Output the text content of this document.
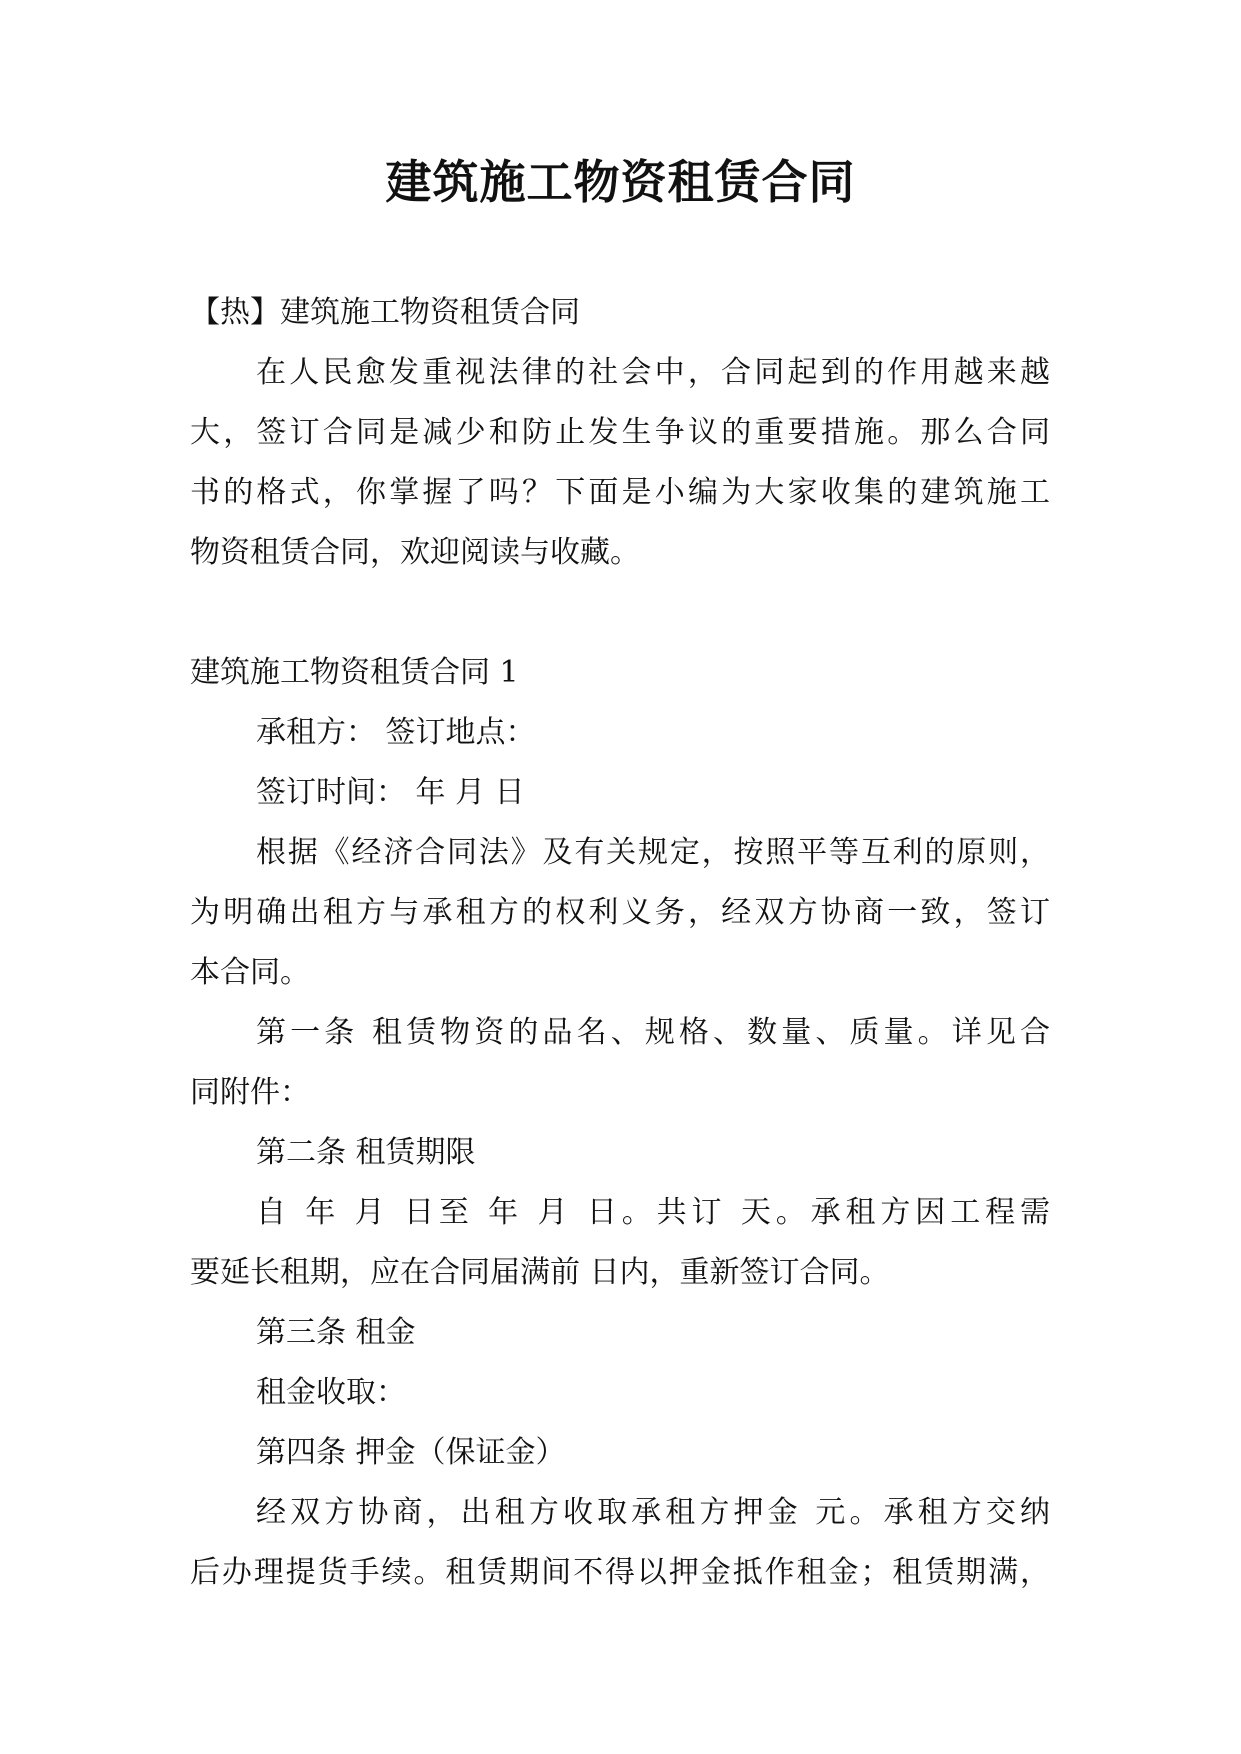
建筑施工物资租赁合同
【热】建筑施工物资租赁合同
在人民愈发重视法律的社会中，合同起到的作用越来越
大，签订合同是减少和防止发生争议的重要措施。那么合同
书的格式，你掌握了吗？下面是小编为大家收集的建筑施工
物资租赁合同，欢迎阅读与收藏。
建筑施工物资租赁合同 1
承租方： 签订地点：
签订时间： 年 月 日
根据《经济合同法》及有关规定，按照平等互利的原则，
为明确出租方与承租方的权利义务，经双方协商一致，签订
本合同。
第一条 租赁物资的品名、规格、数量、质量。详见合
同附件：
第二条 租赁期限
自 年 月 日至 年 月 日。共订 天。承租方因工程需
要延长租期，应在合同届满前 日内，重新签订合同。
第三条 租金
租金收取：
第四条 押金（保证金）
经双方协商，出租方收取承租方押金 元。承租方交纳
后办理提货手续。租赁期间不得以押金抵作租金；租赁期满，
